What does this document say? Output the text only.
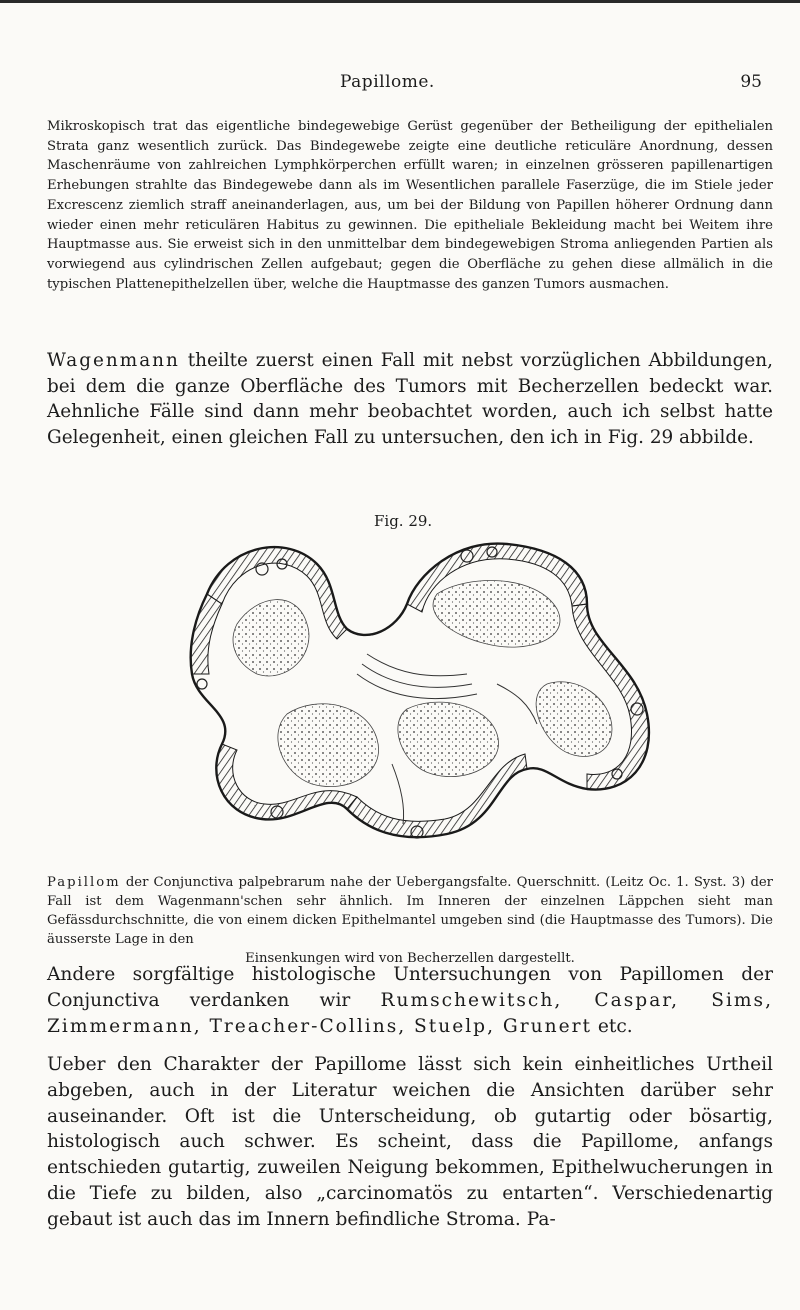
Papillome.	95

Mikroskopisch trat das eigentliche bindegewebige Gerüst gegenüber der Betheiligung der epithelialen Strata ganz wesentlich zurück. Das Bindegewebe zeigte eine deutliche reticuläre Anordnung, dessen Maschenräume von zahlreichen Lymphkörperchen erfüllt waren; in einzelnen grösseren papillenartigen Erhebungen strahlte das Bindegewebe dann als im Wesentlichen parallele Faserzüge, die im Stiele jeder Excrescenz ziemlich straff aneinanderlagen, aus, um bei der Bildung von Papillen höherer Ordnung dann wieder einen mehr reticulären Habitus zu gewinnen. Die epitheliale Bekleidung macht bei Weitem ihre Hauptmasse aus. Sie erweist sich in den unmittelbar dem bindegewebigen Stroma anliegenden Partien als vorwiegend aus cylindrischen Zellen aufgebaut; gegen die Oberfläche zu gehen diese allmälich in die typischen Plattenepithelzellen über, welche die Hauptmasse des ganzen Tumors ausmachen.

Wagenmann theilte zuerst einen Fall mit nebst vorzüglichen Abbildungen, bei dem die ganze Oberfläche des Tumors mit Becherzellen bedeckt war. Aehnliche Fälle sind dann mehr beobachtet worden, auch ich selbst hatte Gelegenheit, einen gleichen Fall zu untersuchen, den ich in Fig. 29 abbilde.

Fig. 29.

Papillom der Conjunctiva palpebrarum nahe der Uebergangsfalte. Querschnitt. (Leitz Oc. 1. Syst. 3) der Fall ist dem Wagenmann'schen sehr ähnlich. Im Inneren der einzelnen Läppchen sieht man Gefässdurchschnitte, die von einem dicken Epithelmantel umgeben sind (die Hauptmasse des Tumors). Die äusserste Lage in den
Einsenkungen wird von Becherzellen dargestellt.

Andere sorgfältige histologische Untersuchungen von Papillomen der Conjunctiva verdanken wir Rumschewitsch, Caspar, Sims, Zimmermann, Treacher-Collins, Stuelp, Grunert etc.

Ueber den Charakter der Papillome lässt sich kein einheitliches Urtheil abgeben, auch in der Literatur weichen die Ansichten darüber sehr auseinander. Oft ist die Unterscheidung, ob gutartig oder bösartig, histologisch auch schwer. Es scheint, dass die Papillome, anfangs entschieden gutartig, zuweilen Neigung bekommen, Epithelwucherungen in die Tiefe zu bilden, also „carcinomatös zu entarten“. Verschiedenartig gebaut ist auch das im Innern befindliche Stroma. Pa-
